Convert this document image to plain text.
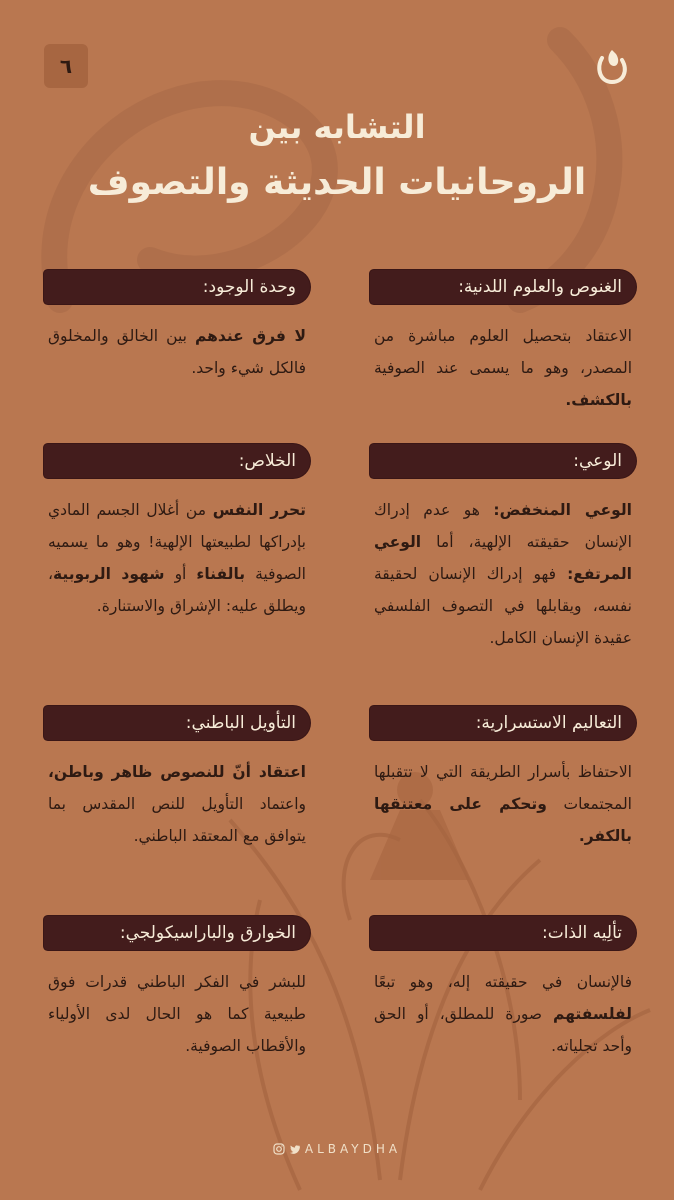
٦
التشابه بين
الروحانيات الحديثة والتصوف
الغنوص والعلوم اللدنية:
الاعتقاد بتحصيل العلوم مباشرة من المصدر، وهو ما يسمى عند الصوفية بالكشف.
وحدة الوجود:
لا فرق عندهم بين الخالق والمخلوق فالكل شيء واحد.
الوعي:
الوعي المنخفض: هو عدم إدراك الإنسان حقيقته الإلهية، أما الوعي المرتفع: فهو إدراك الإنسان لحقيقة نفسه، ويقابلها في التصوف الفلسفي عقيدة الإنسان الكامل.
الخلاص:
تحرر النفس من أغلال الجسم المادي بإدراكها لطبيعتها الإلهية! وهو ما يسميه الصوفية بالفناء أو شهود الربوبية، ويطلق عليه: الإشراق والاستنارة.
التعاليم الاستسرارية:
الاحتفاظ بأسرار الطريقة التي لا تتقبلها المجتمعات وتحكم على معتنقها بالكفر.
التأويل الباطني:
اعتقاد أنّ للنصوص ظاهر وباطن، واعتماد التأويل للنص المقدس بما يتوافق مع المعتقد الباطني.
تألِيه الذات:
فالإنسان في حقيقته إله، وهو تبعًا لفلسفتهم صورة للمطلق، أو الحق وأحد تجلياته.
الخوارق والباراسيكولجي:
للبشر في الفكر الباطني قدرات فوق طبيعية كما هو الحال لدى الأولياء والأقطاب الصوفية.
ALBAYDHA
